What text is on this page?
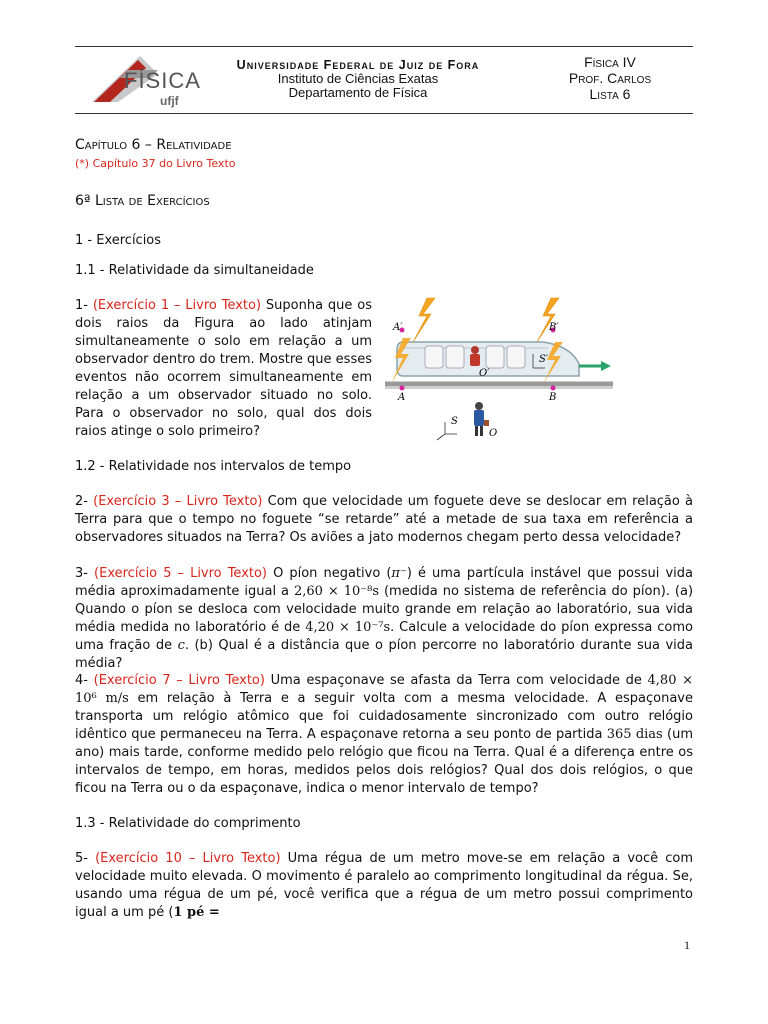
FÍSICA
ufjf
Universidade Federal de Juiz de Fora
Instituto de Ciências Exatas
Departamento de Física
Física IV
Prof. Carlos
Lista 6
Capítulo 6 – Relatividade
(*) Capítulo 37 do Livro Texto
6ª Lista de Exercícios
1 - Exercícios
1.1 - Relatividade da simultaneidade
1- (Exercício 1 – Livro Texto) Suponha que os dois raios da Figura ao lado atinjam simultaneamente o solo em relação a um observador dentro do trem. Mostre que esses eventos não ocorrem simultaneamente em relação a um observador situado no solo. Para o observador no solo, qual dos dois raios atinge o solo primeiro?
A′	B′
S′
O′
A	B
S
O
1.2 - Relatividade nos intervalos de tempo
2- (Exercício 3 – Livro Texto) Com que velocidade um foguete deve se deslocar em relação à Terra para que o tempo no foguete “se retarde” até a metade de sua taxa em referência a observadores situados na Terra? Os aviões a jato modernos chegam perto dessa velocidade?
3- (Exercício 5 – Livro Texto) O píon negativo (π⁻) é uma partícula instável que possui vida média aproximadamente igual a 2,60 × 10⁻⁸s (medida no sistema de referência do píon). (a) Quando o píon se desloca com velocidade muito grande em relação ao laboratório, sua vida média medida no laboratório é de 4,20 × 10⁻⁷s. Calcule a velocidade do píon expressa como uma fração de c. (b) Qual é a distância que o píon percorre no laboratório durante sua vida média?
4- (Exercício 7 – Livro Texto) Uma espaçonave se afasta da Terra com velocidade de 4,80 × 10⁶ m/s em relação à Terra e a seguir volta com a mesma velocidade. A espaçonave transporta um relógio atômico que foi cuidadosamente sincronizado com outro relógio idêntico que permaneceu na Terra. A espaçonave retorna a seu ponto de partida 365 dias (um ano) mais tarde, conforme medido pelo relógio que ficou na Terra. Qual é a diferença entre os intervalos de tempo, em horas, medidos pelos dois relógios? Qual dos dois relógios, o que ficou na Terra ou o da espaçonave, indica o menor intervalo de tempo?
1.3 - Relatividade do comprimento
5- (Exercício 10 – Livro Texto) Uma régua de um metro move-se em relação a você com velocidade muito elevada. O movimento é paralelo ao comprimento longitudinal da régua. Se, usando uma régua de um pé, você verifica que a régua de um metro possui comprimento igual a um pé (1 pé =
1
